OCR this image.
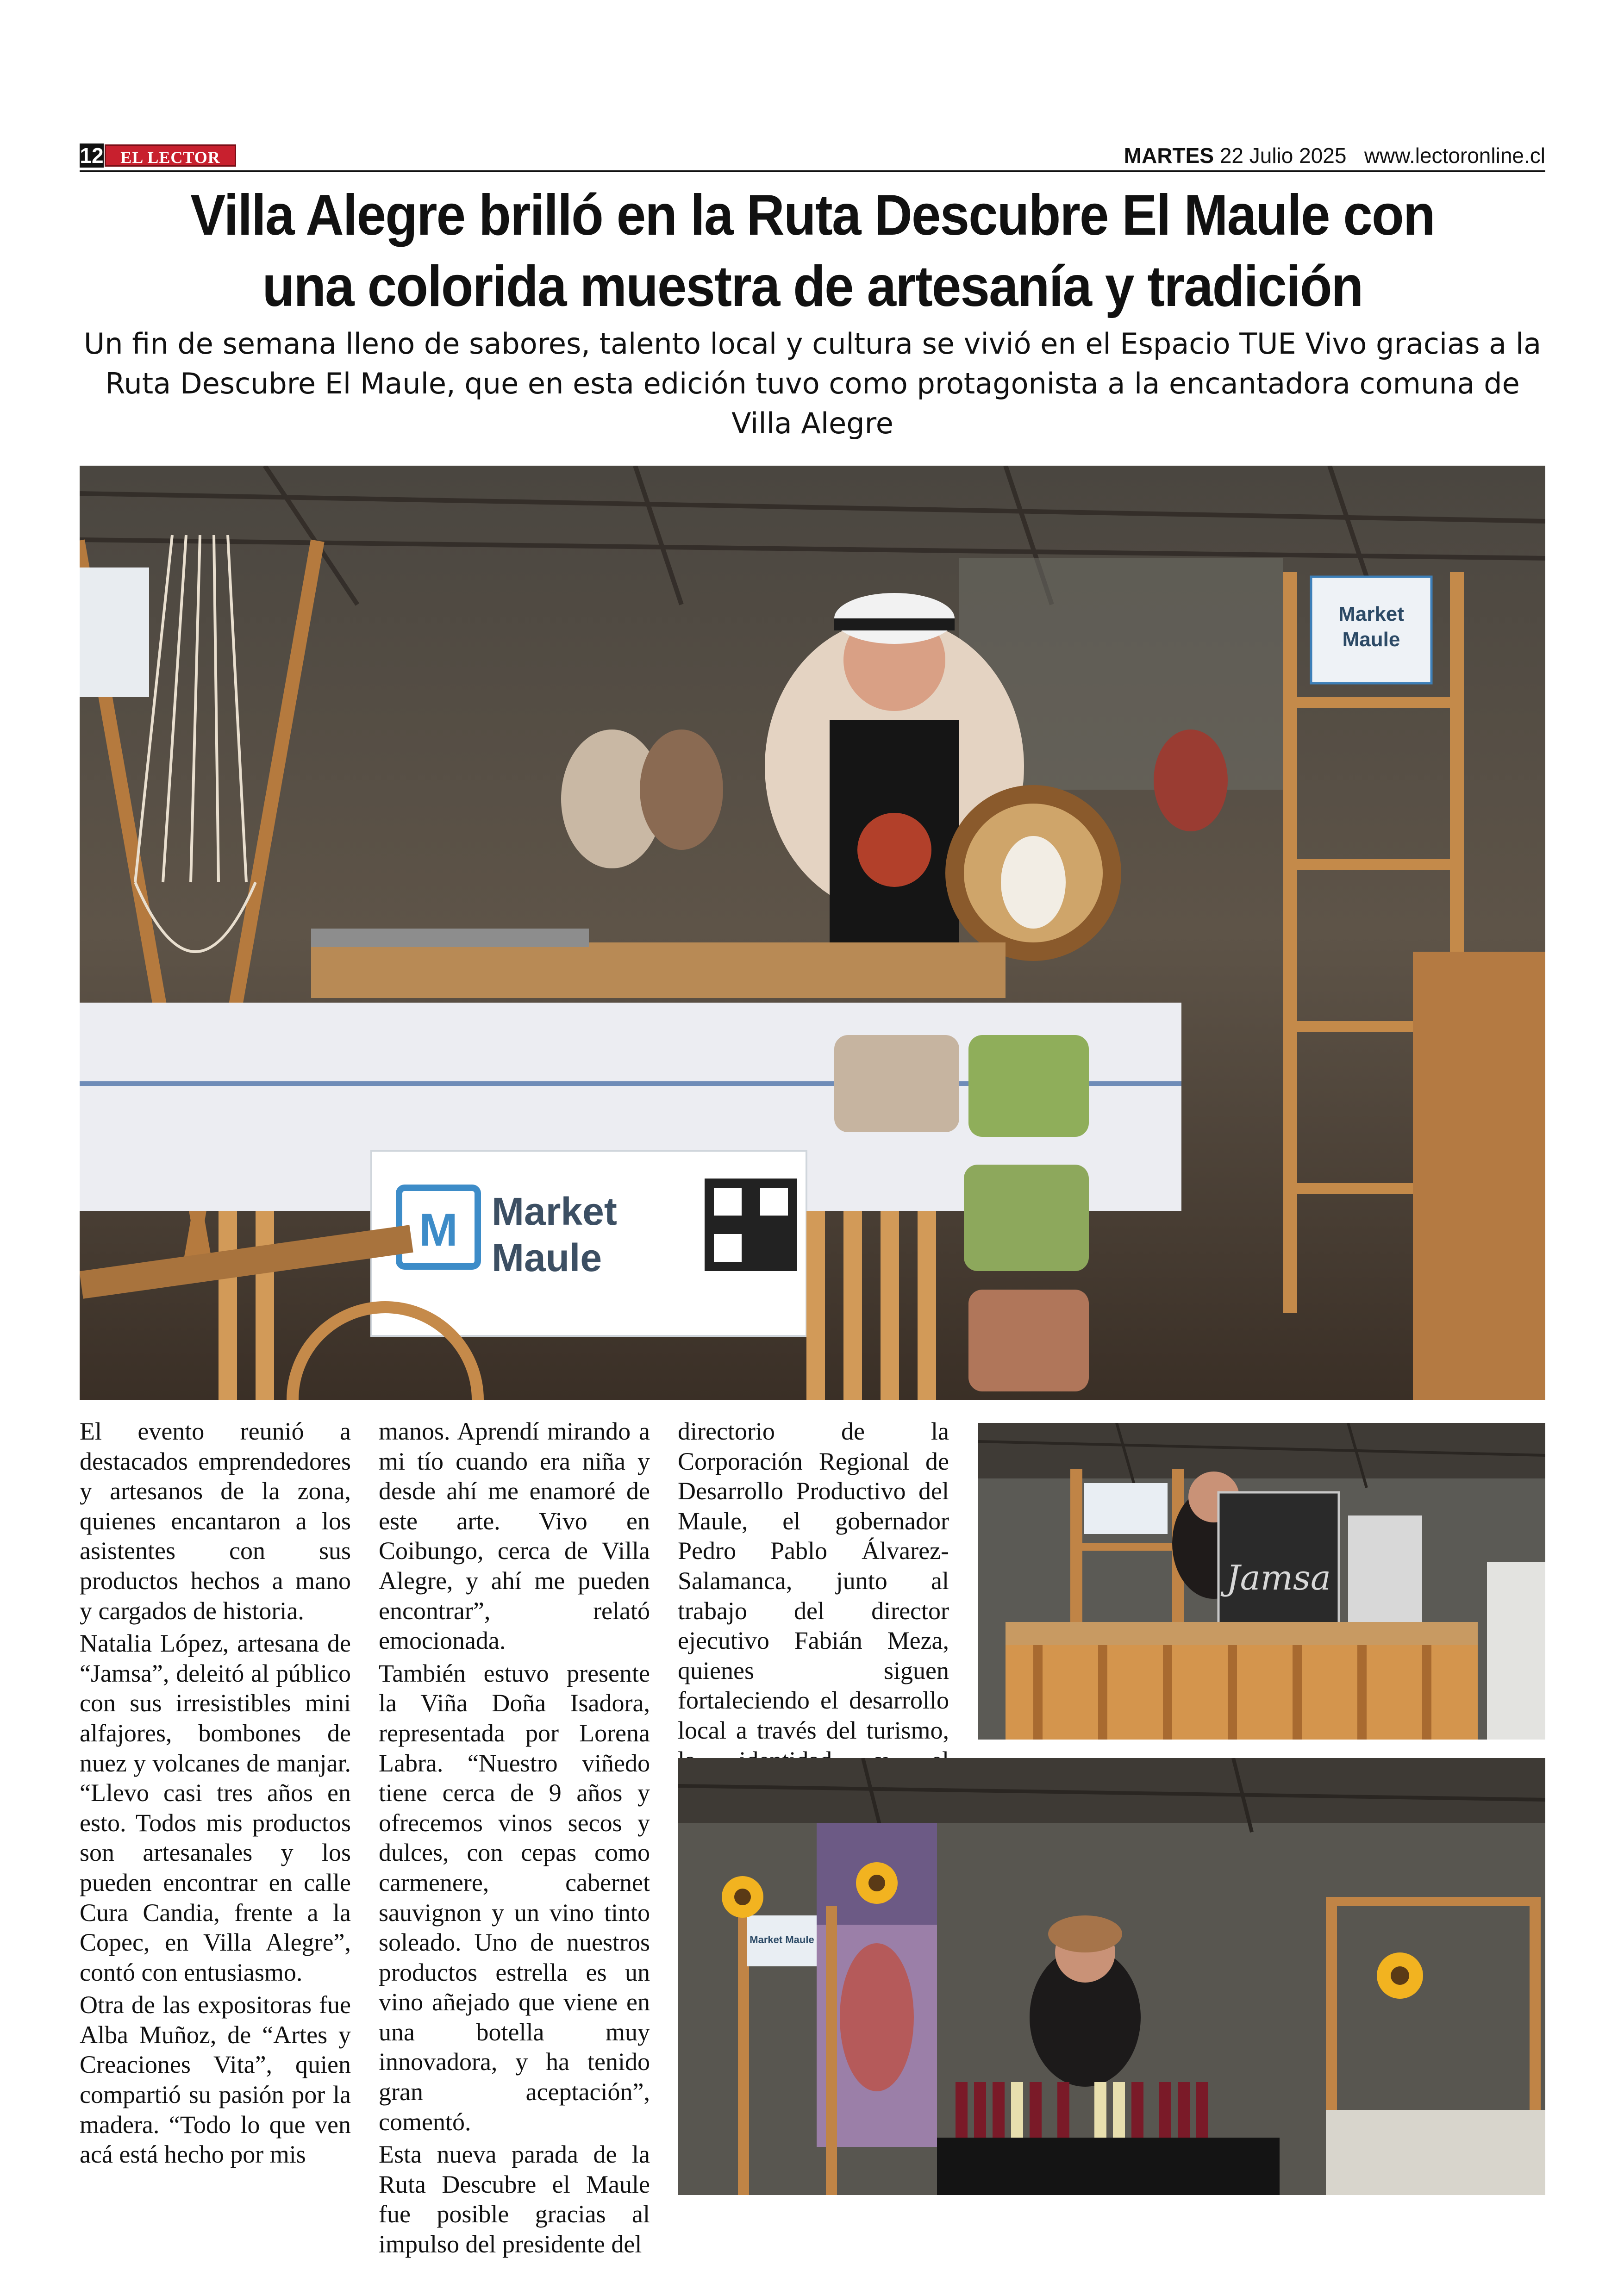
12	EL LECTOR	MARTES 22 Julio 2025 www.lectoronline.cl
Villa Alegre brilló en la Ruta Descubre El Maule con
una colorida muestra de artesanía y tradición
Un fin de semana lleno de sabores, talento local y cultura se vivió en el Espacio TUE Vivo gracias a la Ruta Descubre El Maule, que en esta edición tuvo como protagonista a la encantadora comuna de Villa Alegre
Market
Maule
M Market
Maule

El evento reunió a destacados emprendedores y artesanos de la zona, quienes encantaron a los asistentes con sus productos hechos a mano y cargados de historia.

Natalia López, artesana de “Jamsa”, deleitó al público con sus irresistibles mini alfajores, bombones de nuez y volcanes de manjar. “Llevo casi tres años en esto. Todos mis productos son artesanales y los pueden encontrar en calle Cura Candia, frente a la Copec, en Villa Alegre”, contó con entusiasmo.

Otra de las expositoras fue Alba Muñoz, de “Artes y Creaciones Vita”, quien compartió su pasión por la madera. “Todo lo que ven acá está hecho por mis

manos. Aprendí mirando a mi tío cuando era niña y desde ahí me enamoré de este arte. Vivo en Coibungo, cerca de Villa Alegre, y ahí me pueden encontrar”, relató emocionada.

También estuvo presente la Viña Doña Isadora, representada por Lorena Labra. “Nuestro viñedo tiene cerca de 9 años y ofrecemos vinos secos y dulces, con cepas como carmenere, cabernet sauvignon y un vino tinto soleado. Uno de nuestros productos estrella es un vino añejado que viene en una botella muy innovadora, y ha tenido gran aceptación”, comentó.

Esta nueva parada de la Ruta Descubre el Maule fue posible gracias al impulso del presidente del

directorio de la Corporación Regional de Desarrollo Productivo del Maule, el gobernador Pedro Pablo Álvarez-Salamanca, junto al trabajo del director ejecutivo Fabián Meza, quienes siguen fortaleciendo el desarrollo local a través del turismo,

Jamsa
Market Maule
